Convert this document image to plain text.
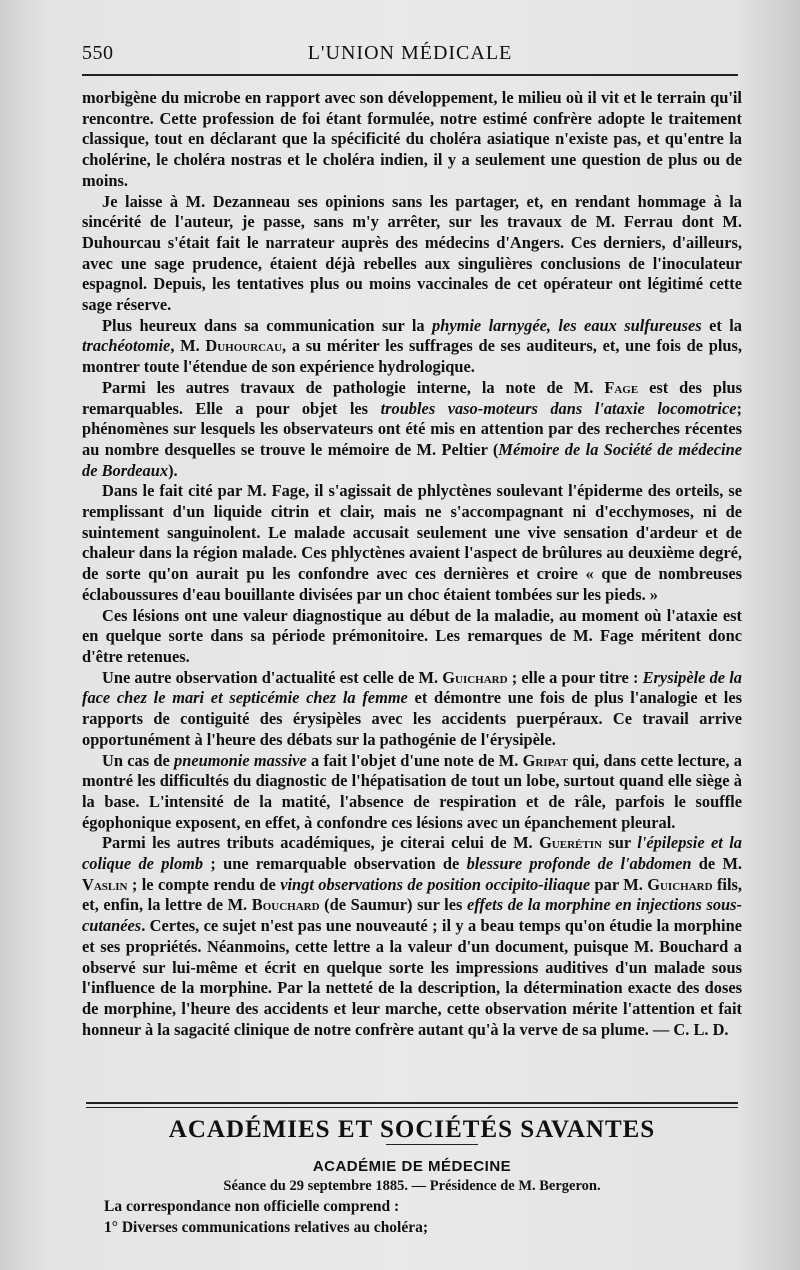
550	L'UNION MÉDICALE

morbigène du microbe en rapport avec son développement, le milieu où il vit et le terrain qu'il rencontre. Cette profession de foi étant formulée, notre estimé confrère adopte le traitement classique, tout en déclarant que la spécificité du choléra asiatique n'existe pas, et qu'entre la cholérine, le choléra nostras et le choléra indien, il y a seulement une question de plus ou de moins.

Je laisse à M. Dezanneau ses opinions sans les partager, et, en rendant hommage à la sincérité de l'auteur, je passe, sans m'y arrêter, sur les travaux de M. Ferrau dont M. Duhourcau s'était fait le narrateur auprès des médecins d'Angers. Ces derniers, d'ailleurs, avec une sage prudence, étaient déjà rebelles aux singulières conclusions de l'inoculateur espagnol. Depuis, les tentatives plus ou moins vaccinales de cet opérateur ont légitimé cette sage réserve.

Plus heureux dans sa communication sur la phymie larnygée, les eaux sulfureuses et la trachéotomie, M. Duhourcau, a su mériter les suffrages de ses auditeurs, et, une fois de plus, montrer toute l'étendue de son expérience hydrologique.

Parmi les autres travaux de pathologie interne, la note de M. Fage est des plus remarquables. Elle a pour objet les troubles vaso-moteurs dans l'ataxie locomotrice; phénomènes sur lesquels les observateurs ont été mis en attention par des recherches récentes au nombre desquelles se trouve le mémoire de M. Peltier (Mémoire de la Société de médecine de Bordeaux).

Dans le fait cité par M. Fage, il s'agissait de phlyctènes soulevant l'épiderme des orteils, se remplissant d'un liquide citrin et clair, mais ne s'accompagnant ni d'ecchymoses, ni de suintement sanguinolent. Le malade accusait seulement une vive sensation d'ardeur et de chaleur dans la région malade. Ces phlyctènes avaient l'aspect de brûlures au deuxième degré, de sorte qu'on aurait pu les confondre avec ces dernières et croire « que de nombreuses éclaboussures d'eau bouillante divisées par un choc étaient tombées sur les pieds. »

Ces lésions ont une valeur diagnostique au début de la maladie, au moment où l'ataxie est en quelque sorte dans sa période prémonitoire. Les remarques de M. Fage méritent donc d'être retenues.

Une autre observation d'actualité est celle de M. Guichard ; elle a pour titre : Erysipèle de la face chez le mari et septicémie chez la femme et démontre une fois de plus l'analogie et les rapports de contiguité des érysipèles avec les accidents puerpéraux. Ce travail arrive opportunément à l'heure des débats sur la pathogénie de l'érysipèle.

Un cas de pneumonie massive a fait l'objet d'une note de M. Gripat qui, dans cette lecture, a montré les difficultés du diagnostic de l'hépatisation de tout un lobe, surtout quand elle siège à la base. L'intensité de la matité, l'absence de respiration et de râle, parfois le souffle égophonique exposent, en effet, à confondre ces lésions avec un épanchement pleural.

Parmi les autres tributs académiques, je citerai celui de M. Guerétin sur l'épilepsie et la colique de plomb ; une remarquable observation de blessure profonde de l'abdomen de M. Vaslin ; le compte rendu de vingt observations de position occipito-iliaque par M. Guichard fils, et, enfin, la lettre de M. Bouchard (de Saumur) sur les effets de la morphine en injections sous-cutanées. Certes, ce sujet n'est pas une nouveauté ; il y a beau temps qu'on étudie la morphine et ses propriétés. Néanmoins, cette lettre a la valeur d'un document, puisque M. Bouchard a observé sur lui-même et écrit en quelque sorte les impressions auditives d'un malade sous l'influence de la morphine. Par la netteté de la description, la détermination exacte des doses de morphine, l'heure des accidents et leur marche, cette observation mérite l'attention et fait honneur à la sagacité clinique de notre confrère autant qu'à la verve de sa plume. — C. L. D.

ACADÉMIES ET SOCIÉTÉS SAVANTES
ACADÉMIE DE MÉDECINE
Séance du 29 septembre 1885. — Présidence de M. Bergeron.
La correspondance non officielle comprend :
1° Diverses communications relatives au choléra;
